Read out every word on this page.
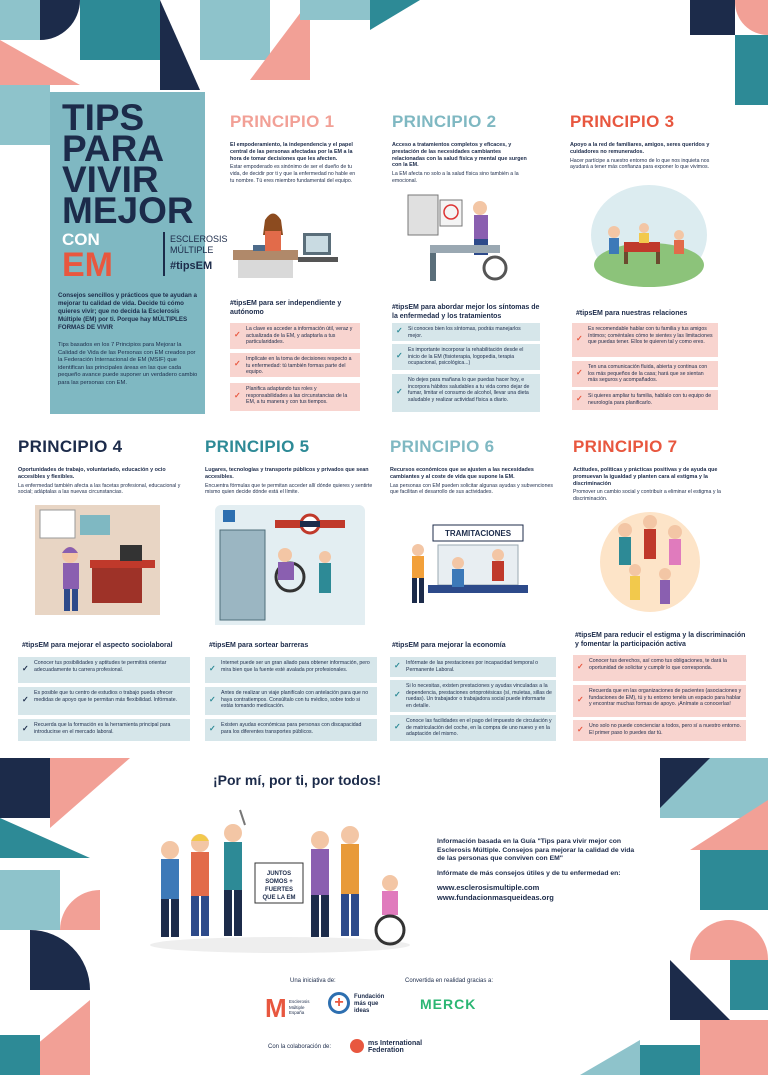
TIPS
PARA
VIVIR
MEJOR
CON
EM
ESCLEROSIS MÚLTIPLE
#tipsEM
Consejos sencillos y prácticos que te ayudan a mejorar tu calidad de vida. Decide tú cómo quieres vivir; que no decida la Esclerosis Múltiple (EM) por ti. Porque hay MÚLTIPLES FORMAS DE VIVIR
Tips basados en los 7 Principios para Mejorar la Calidad de Vida de las Personas con EM creados por la Federación Internacional de EM (MSIF) que identifican las principales áreas en las que cada pequeño avance puede suponer un verdadero cambio para las personas con EM.
PRINCIPIO 1
El empoderamiento, la independencia y el papel central de las personas afectadas por la EM a la hora de tomar decisiones que les afecten.
Estar empoderado es sinónimo de ser el dueño de tu vida, de decidir por ti y que la enfermedad no hable en tu nombre. Tú eres miembro fundamental del equipo.
#tipsEM para ser independiente y autónomo
✓
La clave es acceder a información útil, veraz y actualizada de la EM, y adaptarla a tus particularidades.
✓ Implícate en la toma de decisiones respecto a tu enfermedad: tú también formas parte del equipo.
✓
Planifica adaptando tus roles y responsabilidades a las circunstancias de la EM, a tu manera y con tus tiempos.
PRINCIPIO 2
Acceso a tratamientos completos y eficaces, y prestación de las necesidades cambiantes relacionadas con la salud física y mental que surgen con la EM.
La EM afecta no solo a la salud física sino también a la emocional.
#tipsEM para abordar mejor los síntomas de la enfermedad y los tratamientos
✓ Si conoces bien los síntomas, podrás manejarlos mejor.
✓
Es importante incorporar la rehabilitación desde el inicio de la EM (fisioterapia, logopedia, terapia ocupacional, psicológica...)
✓
No dejes para mañana lo que puedas hacer hoy, e incorpora hábitos saludables a tu vida como dejar de fumar, limitar el consumo de alcohol, llevar una dieta saludable y realizar actividad física a diario.
PRINCIPIO 3
Apoyo a la red de familiares, amigos, seres queridos y cuidadores no remunerados.
Hacer partícipe a nuestro entorno de lo que nos inquieta nos ayudará a tener más confianza para exponer lo que vivimos.
#tipsEM para nuestras relaciones
✓
Es recomendable hablar con tu familia y tus amigos íntimos; coméntales cómo te sientes y las limitaciones que puedas tener. Ellos te quieren tal y como eres.
✓
Ten una comunicación fluida, abierta y continua con los más pequeños de la casa; hará que se sientan más seguros y acompañados.
✓ Si quieres ampliar tu familia, hablalo con tu equipo de neurología para planificarlo.
PRINCIPIO 4
Oportunidades de trabajo, voluntariado, educación y ocio accesibles y flexibles.
La enfermedad también afecta a las facetas profesional, educacional y social; adáptalas a las nuevas circunstancias.
#tipsEM para mejorar el aspecto sociolaboral
✓
Conocer tus posibilidades y aptitudes te permitirá orientar adecuadamente tu carrera profesional.
✓
Es posible que tu centro de estudios o trabajo pueda ofrecer medidas de apoyo que te permitan más flexibilidad. Infórmate.
✓ Recuerda que la formación es la herramienta principal para introducirse en el mercado laboral.
PRINCIPIO 5
Lugares, tecnologías y transporte públicos y privados que sean accesibles.
Encuentra fórmulas que te permitan acceder allí dónde quieres y sentirte mismo quien decide dónde está el límite.
#tipsEM para sortear barreras
✓
Internet puede ser un gran aliado para obtener información, pero mira bien que la fuente esté avalada por profesionales.
✓
Antes de realizar un viaje planifícalo con antelación para que no haya contratiempos. Consúltalo con tu médico, sobre todo si estás tomando medicación.
✓ Existen ayudas económicas para personas con discapacidad para los diferentes transportes públicos.
PRINCIPIO 6
Recursos económicos que se ajusten a las necesidades cambiantes y al coste de vida que supone la EM.
Las personas con EM pueden solicitar algunas ayudas y subvenciones que facilitan el desarrollo de sus actividades.
TRAMITACIONES
#tipsEM para mejorar la economía
✓ Infórmate de las prestaciones por incapacidad temporal o Permanente Laboral.
✓
Si lo necesitas, existen prestaciones y ayudas vinculadas a la dependencia, prestaciones ortoprotésicas (sí, muletas, sillas de ruedas). Un trabajador o trabajadora social puede informarte en detalle.
✓
Conoce las facilidades en el pago del impuesto de circulación y de matriculación del coche, en la compra de uno nuevo y en la adaptación del mismo.
PRINCIPIO 7
Actitudes, políticas y prácticas positivas y de ayuda que promuevan la igualdad y planten cara al estigma y la discriminación
Promover un cambio social y contribuir a eliminar el estigma y la discriminación.
#tipsEM para reducir el estigma y la discriminación y fomentar la participación activa
✓
Conocer tus derechos, así como tus obligaciones, te dará la oportunidad de solicitar y cumplir lo que corresponda.
✓
Recuerda que en las organizaciones de pacientes (asociaciones y fundaciones de EM), tú y tu entorno tenéis un espacio para hablar y encontrar muchas formas de apoyo. ¡Anímate a conocerlas!
✓ Uno solo no puede concienciar a todos, pero sí a nuestro entorno. El primer paso lo puedes dar tú.
¡Por mí, por ti, por todos!
JUNTOS
SOMOS +
FUERTES
QUE LA EM

Información basada en la Guía "Tips para vivir mejor con Esclerosis Múltiple. Consejos para mejorar la calidad de vida de las personas que conviven con EM"

Infórmate de más consejos útiles y de tu enfermedad en:

www.esclerosismultiple.com

www.fundacionmasqueideas.org

Una iniciativa de:	Convertida en realidad gracias a:
Con la colaboración de:
M Esclerosis Múltiple España
+	Fundación más que ideas	MERCK
ms International Federation
